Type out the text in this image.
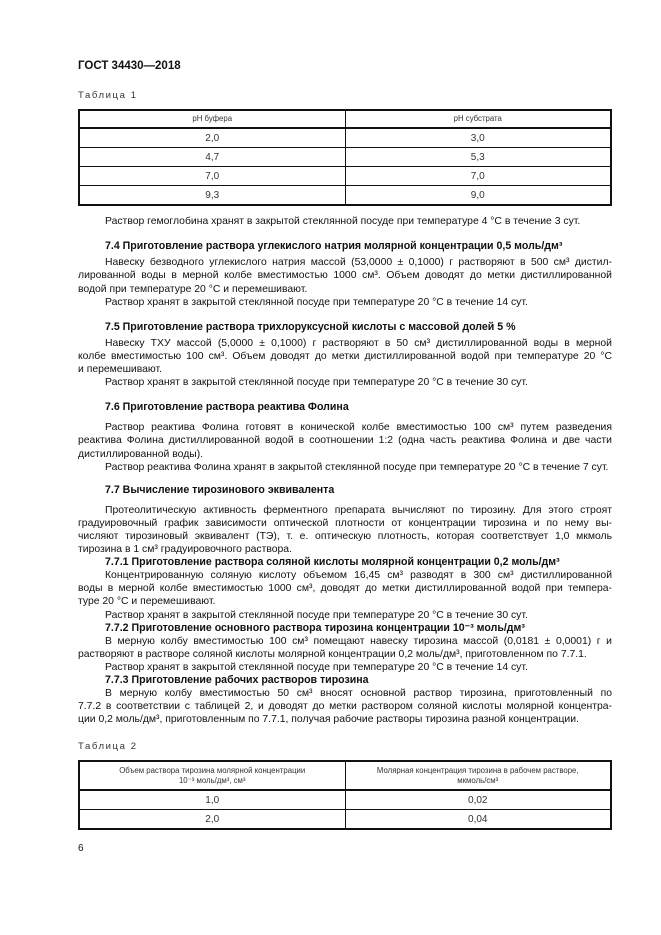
ГОСТ 34430—2018
Таблица 1
pH буфера	pH субстрата
2,0	3,0
4,7	5,3
7,0	7,0
9,3	9,0
Раствор гемоглобина хранят в закрытой стеклянной посуде при температуре 4 °С в течение 3 сут.
7.4 Приготовление раствора углекислого натрия молярной концентрации 0,5 моль/дм³
Навеску безводного углекислого натрия массой (53,0000 ± 0,1000) г растворяют в 500 см³ дистил-
лированной воды в мерной колбе вместимостью 1000 см³. Объем доводят до метки дистиллированной
водой при температуре 20 °С и перемешивают.
Раствор хранят в закрытой стеклянной посуде при температуре 20 °С в течение 14 сут.
7.5 Приготовление раствора трихлоруксусной кислоты с массовой долей 5 %
Навеску ТХУ массой (5,0000 ± 0,1000) г растворяют в 50 см³ дистиллированной воды в мерной
колбе вместимостью 100 см³. Объем доводят до метки дистиллированной водой при температуре 20 °С
и перемешивают.
Раствор хранят в закрытой стеклянной посуде при температуре 20 °С в течение 30 сут.
7.6 Приготовление раствора реактива Фолина
Раствор реактива Фолина готовят в конической колбе вместимостью 100 см³ путем разведения
реактива Фолина дистиллированной водой в соотношении 1:2 (одна часть реактива Фолина и две части
дистиллированной воды).
Раствор реактива Фолина хранят в закрытой стеклянной посуде при температуре 20 °С в течение 7 сут.
7.7 Вычисление тирозинового эквивалента
Протеолитическую активность ферментного препарата вычисляют по тирозину. Для этого строят
градуировочный график зависимости оптической плотности от концентрации тирозина и по нему вы-
числяют тирозиновый эквивалент (ТЭ), т. е. оптическую плотность, которая соответствует 1,0 мкмоль
тирозина в 1 см³ градуировочного раствора.
7.7.1 Приготовление раствора соляной кислоты молярной концентрации 0,2 моль/дм³
Концентрированную соляную кислоту объемом 16,45 см³ разводят в 300 см³ дистиллированной
воды в мерной колбе вместимостью 1000 см³, доводят до метки дистиллированной водой при темпера-
туре 20 °С и перемешивают.
Раствор хранят в закрытой стеклянной посуде при температуре 20 °С в течение 30 сут.
7.7.2 Приготовление основного раствора тирозина концентрации 10⁻³ моль/дм³
В мерную колбу вместимостью 100 см³ помещают навеску тирозина массой (0,0181 ± 0,0001) г и
растворяют в растворе соляной кислоты молярной концентрации 0,2 моль/дм³, приготовленном по 7.7.1.
Раствор хранят в закрытой стеклянной посуде при температуре 20 °С в течение 14 сут.
7.7.3 Приготовление рабочих растворов тирозина
В мерную колбу вместимостью 50 см³ вносят основной раствор тирозина, приготовленный по
7.7.2 в соответствии с таблицей 2, и доводят до метки раствором соляной кислоты молярной концентра-
ции 0,2 моль/дм³, приготовленным по 7.7.1, получая рабочие растворы тирозина разной концентрации.
Таблица 2
Объем раствора тирозина молярной концентрации
10⁻³ моль/дм³, см³	Молярная концентрация тирозина в рабочем растворе,
мкмоль/см³

1,0	0,02
2,0	0,04
6
